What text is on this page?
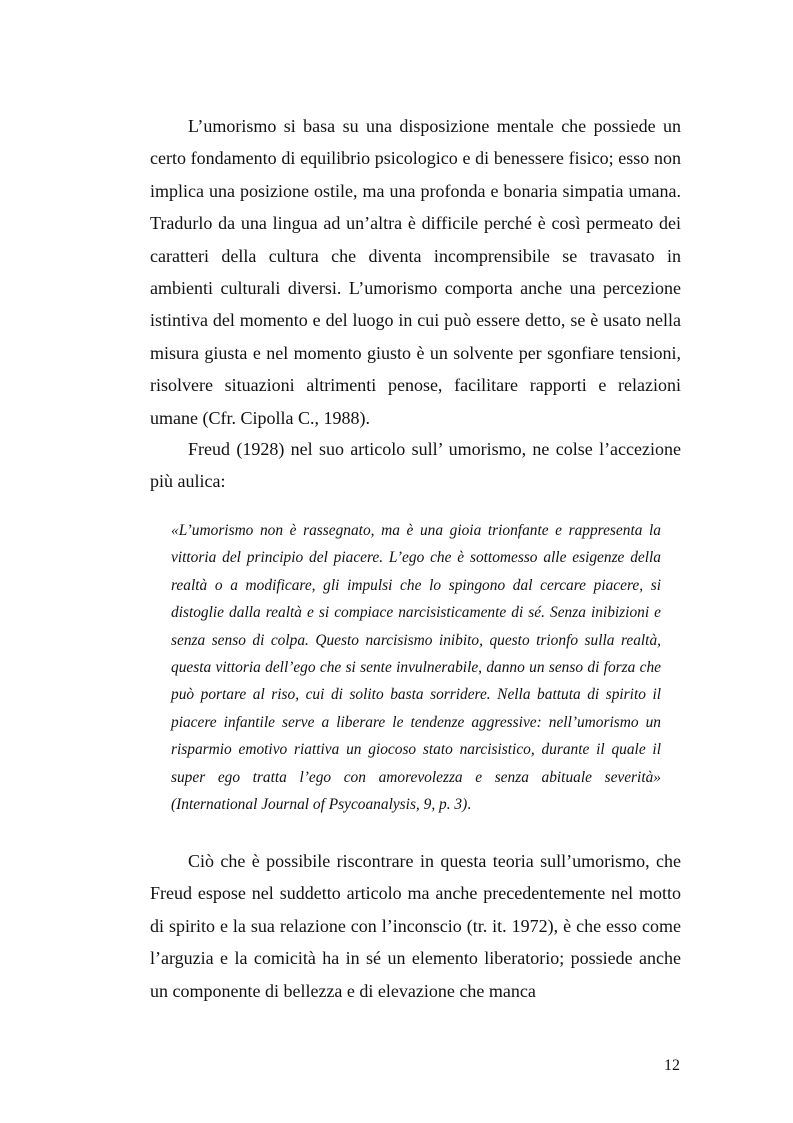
L’umorismo si basa su una disposizione mentale che possiede un certo fondamento di equilibrio psicologico e di benessere fisico; esso non implica una posizione ostile, ma una profonda e bonaria simpatia umana. Tradurlo da una lingua ad un’altra è difficile perché è così permeato dei caratteri della cultura che diventa incomprensibile se travasato in ambienti culturali diversi. L’umorismo comporta anche una percezione istintiva del momento e del luogo in cui può essere detto, se è usato nella misura giusta e nel momento giusto è un solvente per sgonfiare tensioni, risolvere situazioni altrimenti penose, facilitare rapporti e relazioni umane (Cfr. Cipolla C., 1988).

Freud (1928) nel suo articolo sull’ umorismo, ne colse l’accezione più aulica:

«L’umorismo non è rassegnato, ma è una gioia trionfante e rappresenta la vittoria del principio del piacere. L’ego che è sottomesso alle esigenze della realtà o a modificare, gli impulsi che lo spingono dal cercare piacere, si distoglie dalla realtà e si compiace narcisisticamente di sé. Senza inibizioni e senza senso di colpa. Questo narcisismo inibito, questo trionfo sulla realtà, questa vittoria dell’ego che si sente invulnerabile, danno un senso di forza che può portare al riso, cui di solito basta sorridere. Nella battuta di spirito il piacere infantile serve a liberare le tendenze aggressive: nell’umorismo un risparmio emotivo riattiva un giocoso stato narcisistico, durante il quale il super ego tratta l’ego con amorevolezza e senza abituale severità» (International Journal of Psycoanalysis, 9, p. 3).

Ciò che è possibile riscontrare in questa teoria sull’umorismo, che Freud espose nel suddetto articolo ma anche precedentemente nel motto di spirito e la sua relazione con l’inconscio (tr. it. 1972), è che esso come l’arguzia e la comicità ha in sé un elemento liberatorio; possiede anche un componente di bellezza e di elevazione che manca

12
